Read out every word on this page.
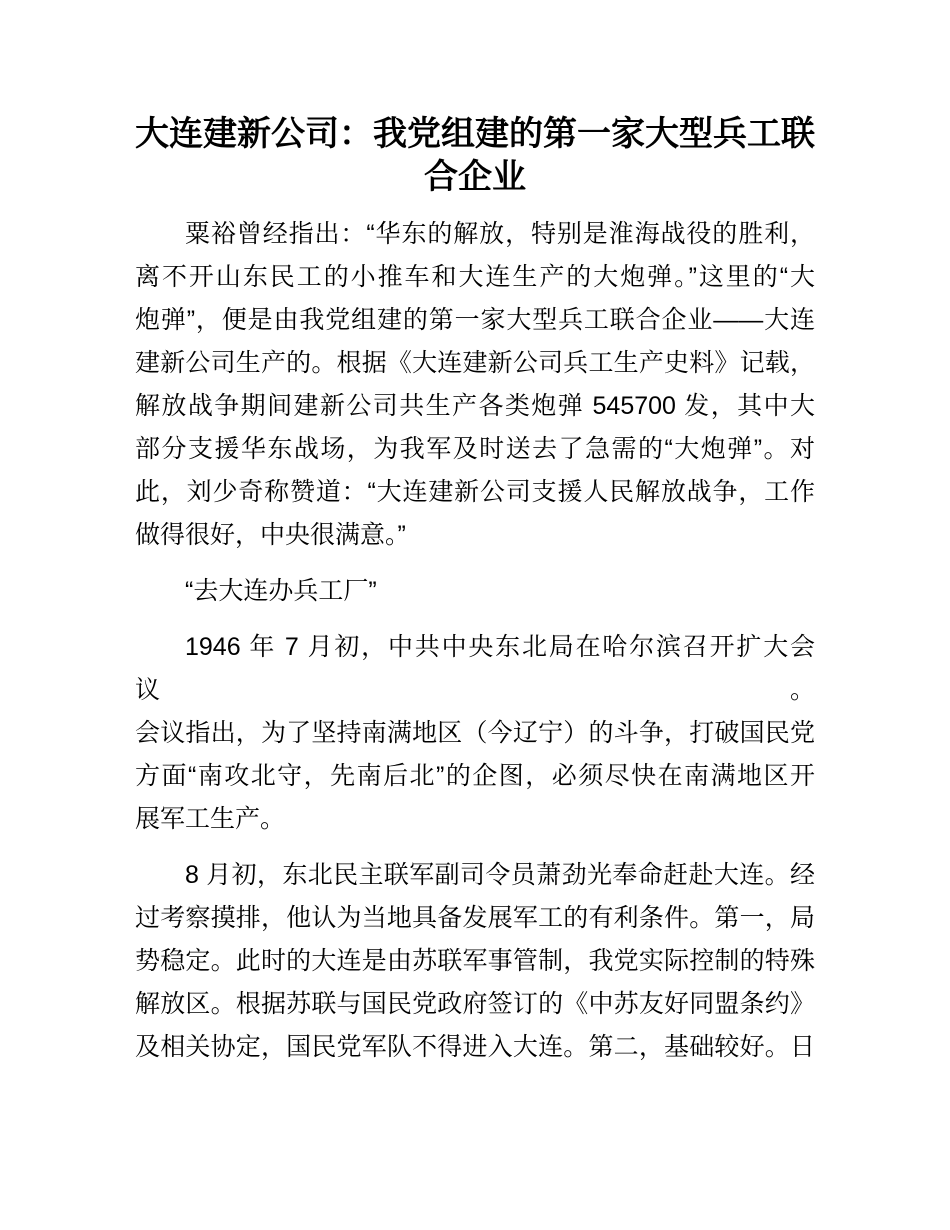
大连建新公司：我党组建的第一家大型兵工联
合企业
粟裕曾经指出：“华东的解放，特别是淮海战役的胜利，
离不开山东民工的小推车和大连生产的大炮弹。”这里的“大
炮弹”，便是由我党组建的第一家大型兵工联合企业——大连
建新公司生产的。根据《大连建新公司兵工生产史料》记载，
解放战争期间建新公司共生产各类炮弹 545700 发，其中大
部分支援华东战场，为我军及时送去了急需的“大炮弹”。对
此，刘少奇称赞道：“大连建新公司支援人民解放战争，工作
做得很好，中央很满意。”
“去大连办兵工厂”
1946 年 7 月初，中共中央东北局在哈尔滨召开扩大会议。
会议指出，为了坚持南满地区（今辽宁）的斗争，打破国民党
方面“南攻北守，先南后北”的企图，必须尽快在南满地区开
展军工生产。
8 月初，东北民主联军副司令员萧劲光奉命赶赴大连。经
过考察摸排，他认为当地具备发展军工的有利条件。第一，局
势稳定。此时的大连是由苏联军事管制，我党实际控制的特殊
解放区。根据苏联与国民党政府签订的《中苏友好同盟条约》
及相关协定，国民党军队不得进入大连。第二，基础较好。日
